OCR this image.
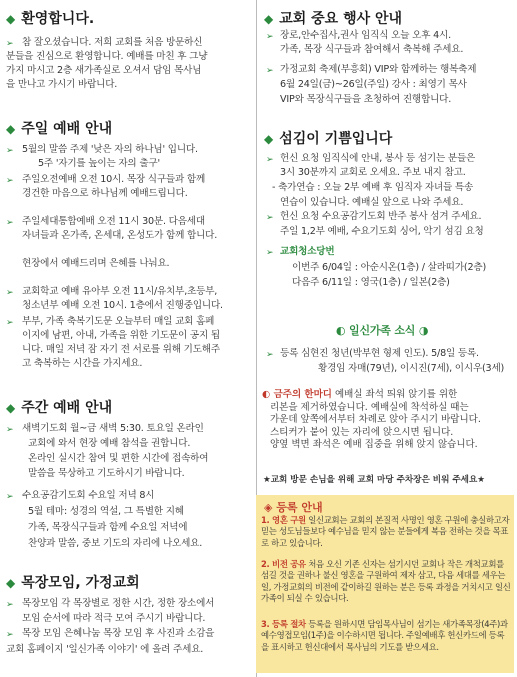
◆ 환영합니다.
➢ 참 잘오셨습니다. 저희 교회를 처음 방문하신
분들을 진심으로 환영합니다. 예배를 마친 후 그냥
가지 마시고 2층 새가족실로 오셔서 담임 목사님
을 만나고 가시기 바랍니다.
◆ 주일 예배 안내
➢ 5월의 말씀 주제 '낮은 자의 하나님' 입니다.
5주 '자기를 높이는 자의 출구'
➢ 주일오전예배 오전 10시. 목장 식구들과 함께
경건한 마음으로 하나님께 예배드립니다.
➢ 주일세대통합예배 오전 11시 30분. 다음세대
자녀들과 온가족, 온세대, 온성도가 함께 합니다.
현장에서 예배드리며 은혜를 나눠요.
➢ 교회학교 예배 유아부 오전 11시/유치부,초등부,
청소년부 예배 오전 10시. 1층에서 진행중입니다.
➢ 부부, 가족 축복기도문 오늘부터 매일 교회 홈페
이지에 남편, 아내, 가족을 위한 기도문이 공지 됩
니다. 매일 저녁 잠 자기 전 서로를 위해 기도해주
고 축복하는 시간을 가지세요.
◆ 주간 예배 안내
➢ 새벽기도회 월~금 새벽 5:30. 토요일 온라인
교회에 와서 현장 예배 참석을 권합니다.
온라인 실시간 참여 및 편한 시간에 접속하여
말씀을 묵상하고 기도하시기 바랍니다.
➢ 수요공감기도회 수요일 저녁 8시
5월 테마: 성경의 역설, 그 특별한 지혜
가족, 목장식구들과 함께 수요일 저녁에
찬양과 말씀, 중보 기도의 자리에 나오세요.
◆ 목장모임, 가정교회
➢ 목장모임 각 목장별로 정한 시간, 정한 장소에서
모임 순서에 따라 적극 모여 주시기 바랍니다.
➢ 목장 모임 은혜나눔 목장 모임 후 사진과 소감을
교회 홈페이지 '일신가족 이야기' 에 올려 주세요.
◆ 교회 중요 행사 안내
➢ 장로,안수집사,권사 임직식 오늘 오후 4시.
가족, 목장 식구들과 참여해서 축복해 주세요.
➢ 가정교회 축제(부흥회) VIP와 함께하는 행복축제
6월 24일(금)~26일(주일) 강사 : 최영기 목사
VIP와 목장식구들을 초청하여 진행합니다.
◆ 섬김이 기쁨입니다
➢ 헌신 요청 임직식에 안내, 봉사 등 섬기는 분들은
3시 30분까지 교회로 오세요. 주보 내지 참고.
- 축가연습 : 오늘 2부 예배 후 임직자 자녀들 특송
연습이 있습니다. 예배실 앞으로 나와 주세요.
➢ 헌신 요청 수요공감기도회 반주 봉사 섬겨 주세요.
주일 1,2부 예배, 수요기도회 싱어, 악기 섬김 요청
➢ 교회청소당번
이번주 6/04일 : 아순시온(1층) / 살라띠가(2층)
다음주 6/11일 : 영국(1층) / 일본(2층)
◐ 일신가족 소식 ◑
➢ 등록 심현진 청년(박부현 형제 인도). 5/8일 등록.
황경임 자매(79년), 이시진(7세), 이시우(3세)
◐ 금주의 한마디 예배실 좌석 띄워 앉기를 위한
리본을 제거하였습니다. 예배실에 착석하실 때는
가운데 앞쪽에서부터 차례로 앉아 주시기 바랍니다.
스티커가 붙어 있는 자리에 앉으시면 됩니다.
양옆 벽면 좌석은 예배 집중을 위해 앉지 않습니다.
★교회 방문 손님을 위해 교회 마당 주차장은 비워 주세요★
◈ 등록 안내
1. 영혼 구원 일신교회는 교회의 본질적 사명인 영혼 구원에 충실하고자 믿는 성도님들보다 예수님을 믿지 않는 분들에게 복음 전하는 것을 목표로 하고 있습니다.
2. 비전 공유 처음 오신 기존 신자는 섬기시던 교회나 작은 개척교회를 섬길 것을 권하나 불신 영혼을 구원하여 제자 삼고, 다음 세대를 세우는 일, 가정교회의 비전에 같이하길 원하는 분은 등록 과정을 거치시고 일신가족이 되실 수 있습니다.
3. 등록 절차 등록을 원하시면 담임목사님이 섬기는 새가족목장(4주)과 예수영접모임(1주)을 이수하시면 됩니다. 주일예배후 헌신카드에 등록을 표시하고 헌신대에서 목사님의 기도를 받으세요.
